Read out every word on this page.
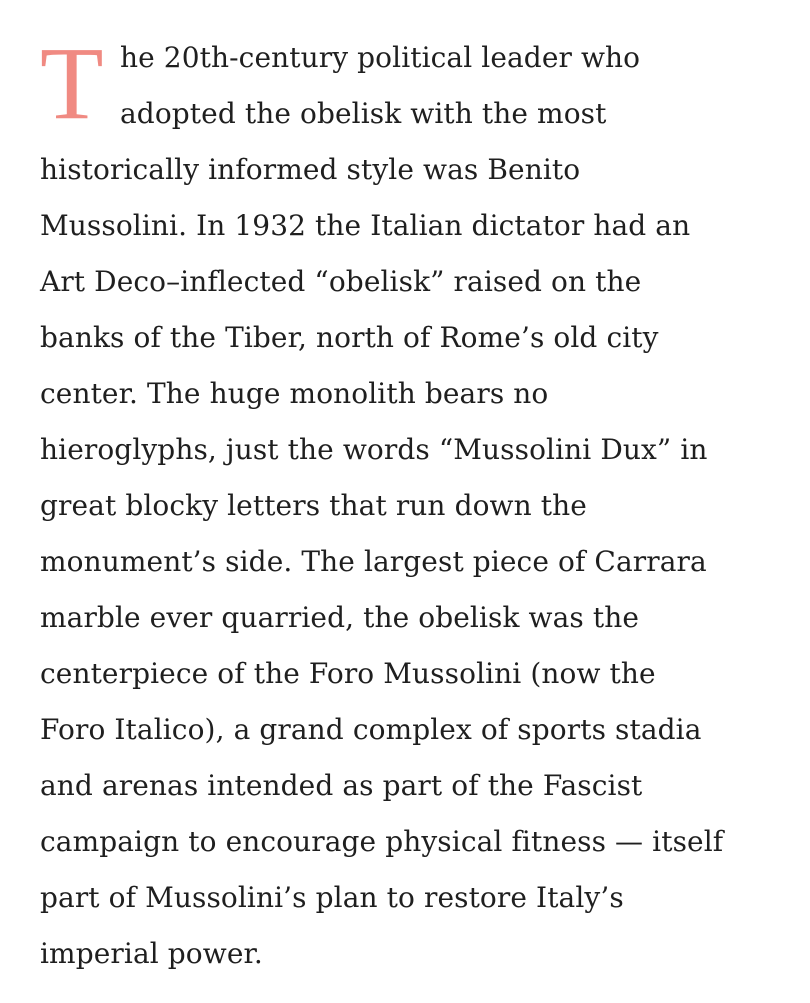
T he 20th-century political leader who
adopted the obelisk with the most
historically informed style was Benito
Mussolini. In 1932 the Italian dictator had an
Art Deco–inflected “obelisk” raised on the
banks of the Tiber, north of Rome’s old city
center. The huge monolith bears no
hieroglyphs, just the words “Mussolini Dux” in
great blocky letters that run down the
monument’s side. The largest piece of Carrara
marble ever quarried, the obelisk was the
centerpiece of the Foro Mussolini (now the
Foro Italico), a grand complex of sports stadia
and arenas intended as part of the Fascist
campaign to encourage physical fitness — itself
part of Mussolini’s plan to restore Italy’s
imperial power.
